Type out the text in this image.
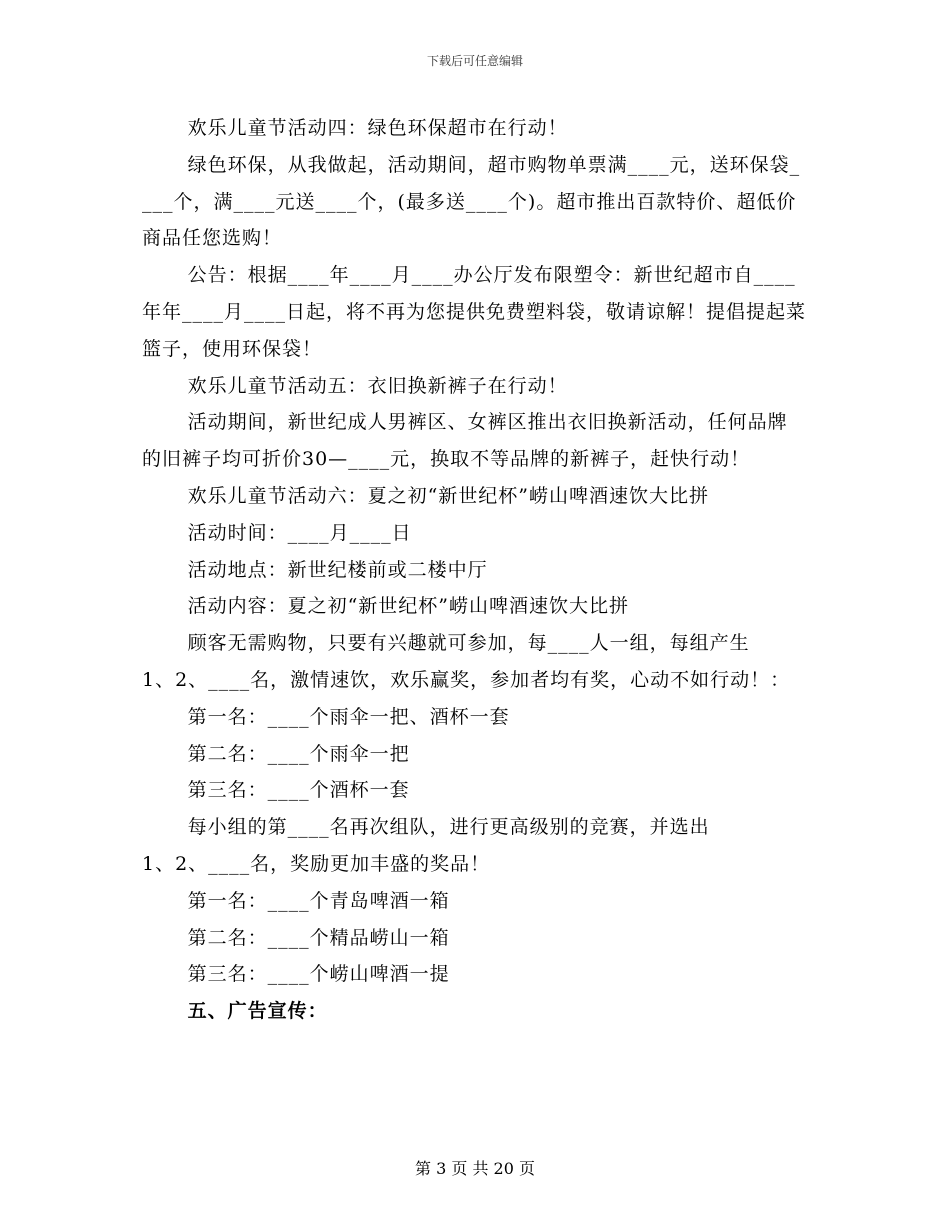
下载后可任意编辑

欢乐儿童节活动四：绿色环保超市在行动！

绿色环保，从我做起，活动期间，超市购物单票满____元，送环保袋____个，满____元送____个，(最多送____个)。超市推出百款特价、超低价商品任您选购！

公告：根据____年____月____办公厅发布限塑令：新世纪超市自____年年____月____日起，将不再为您提供免费塑料袋，敬请谅解！提倡提起菜篮子，使用环保袋！

欢乐儿童节活动五：衣旧换新裤子在行动！

活动期间，新世纪成人男裤区、女裤区推出衣旧换新活动，任何品牌的旧裤子均可折价30—____元，换取不等品牌的新裤子，赶快行动！

欢乐儿童节活动六：夏之初“新世纪杯”崂山啤酒速饮大比拼

活动时间：____月____日

活动地点：新世纪楼前或二楼中厅

活动内容：夏之初“新世纪杯”崂山啤酒速饮大比拼

顾客无需购物，只要有兴趣就可参加，每____人一组，每组产生

1、2、____名，激情速饮，欢乐赢奖，参加者均有奖，心动不如行动！：

第一名：____个雨伞一把、酒杯一套

第二名：____个雨伞一把

第三名：____个酒杯一套

每小组的第____名再次组队，进行更高级别的竞赛，并选出

1、2、____名，奖励更加丰盛的奖品！

第一名：____个青岛啤酒一箱

第二名：____个精品崂山一箱

第三名：____个崂山啤酒一提

五、广告宣传：

第 3 页 共 20 页
